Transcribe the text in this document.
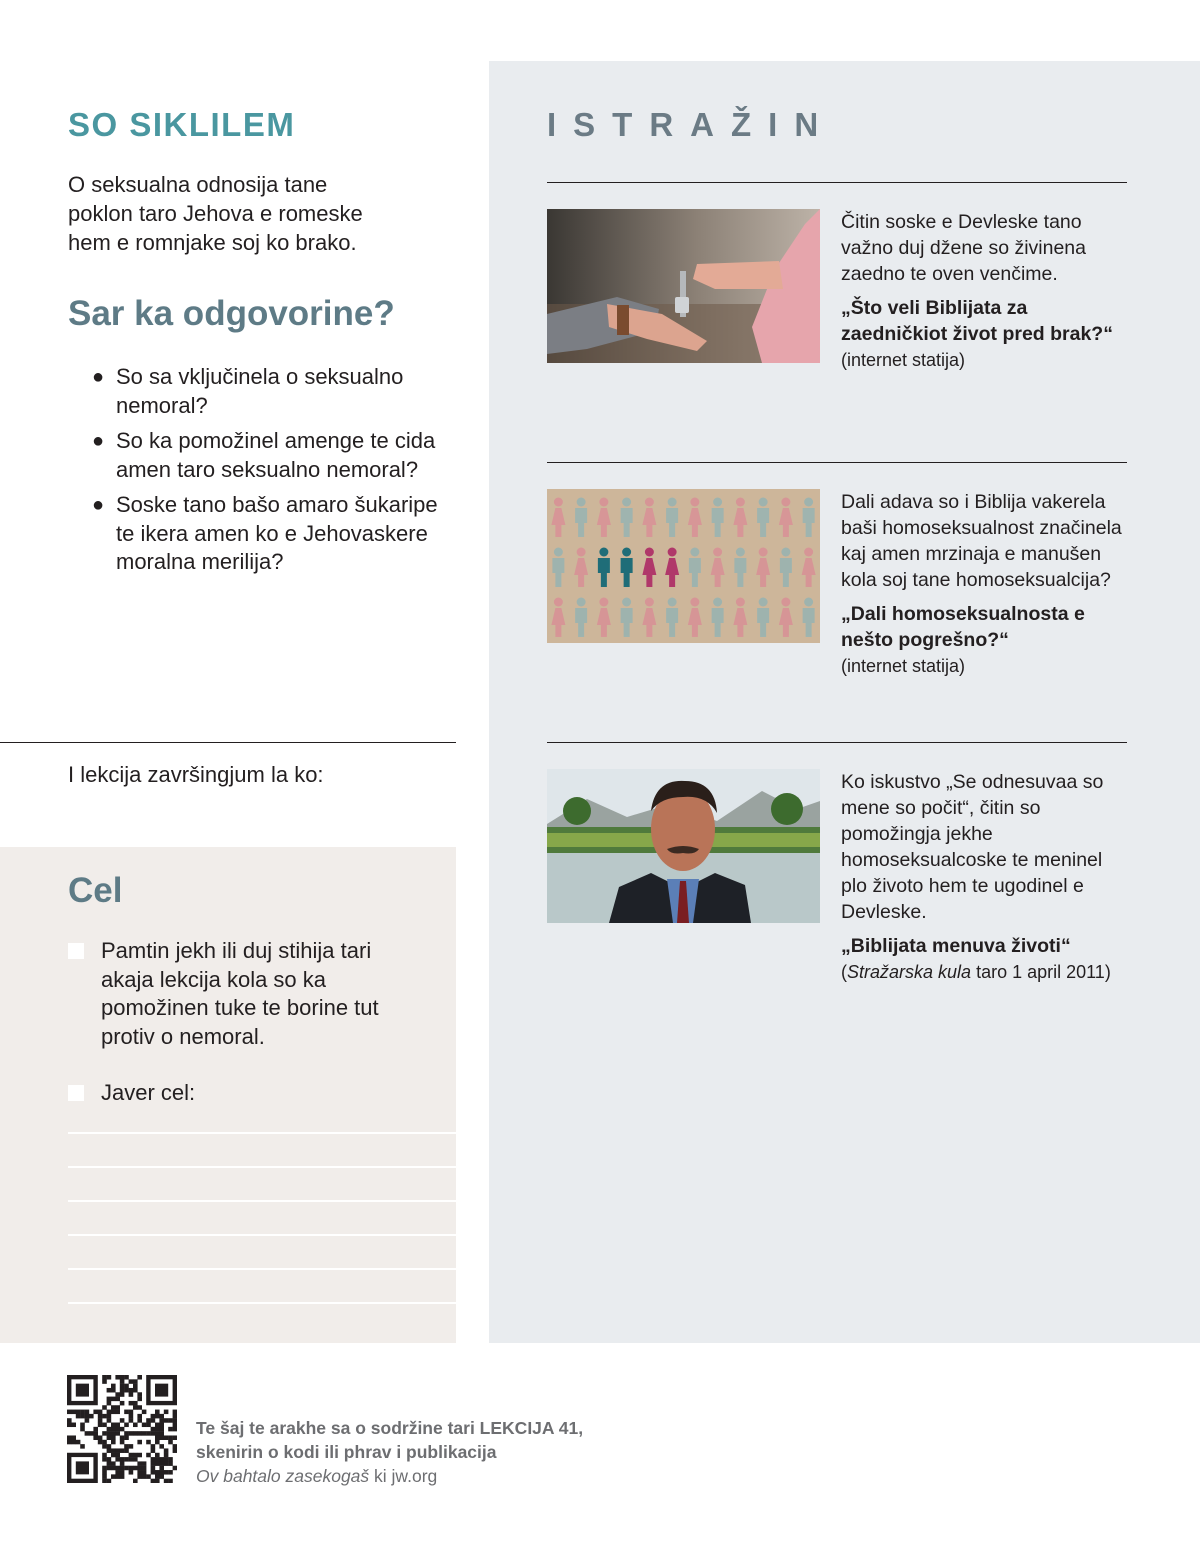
SO SIKLILEM

O seksualna odnosija tane poklon taro Jehova e romeske hem e romnjake soj ko brako.

Sar ka odgovorine?
● So sa vključinela o seksualno nemoral?
● So ka pomožinel amenge te cida amen taro seksualno nemoral?
● Soske tano bašo amaro šukaripe te ikera amen ko e Jehovaskere moralna merilija?

I lekcija završingjum la ko:

Cel

Pamtin jekh ili duj stihija tari akaja lekcija kola so ka pomožinen tuke te borine tut protiv o nemoral.

Javer cel:

ISTRAŽIN

Čitin soske e Devleske tano važno duj džene so živinena zaedno te oven venčime.

„Što veli Biblijata za zaedničkiot život pred brak?“

(internet statija)

Dali adava so i Biblija vakerela baši homoseksualnost značinela kaj amen mrzinaja e manušen kola soj tane homoseksualcija?

„Dali homoseksualnosta e nešto pogrešno?“

(internet statija)

Ko iskustvo „Se odnesuvaa so mene so počit“, čitin so pomožingja jekhe homoseksualcoske te meninel plo životo hem te ugodinel e Devleske.

„Biblijata menuva životi“

(Stražarska kula taro 1 april 2011)

Te šaj te arakhe sa o sodržine tari LEKCIJA 41,
skenirin o kodi ili phrav i publikacija
Ov bahtalo zasekogaš ki jw.org
